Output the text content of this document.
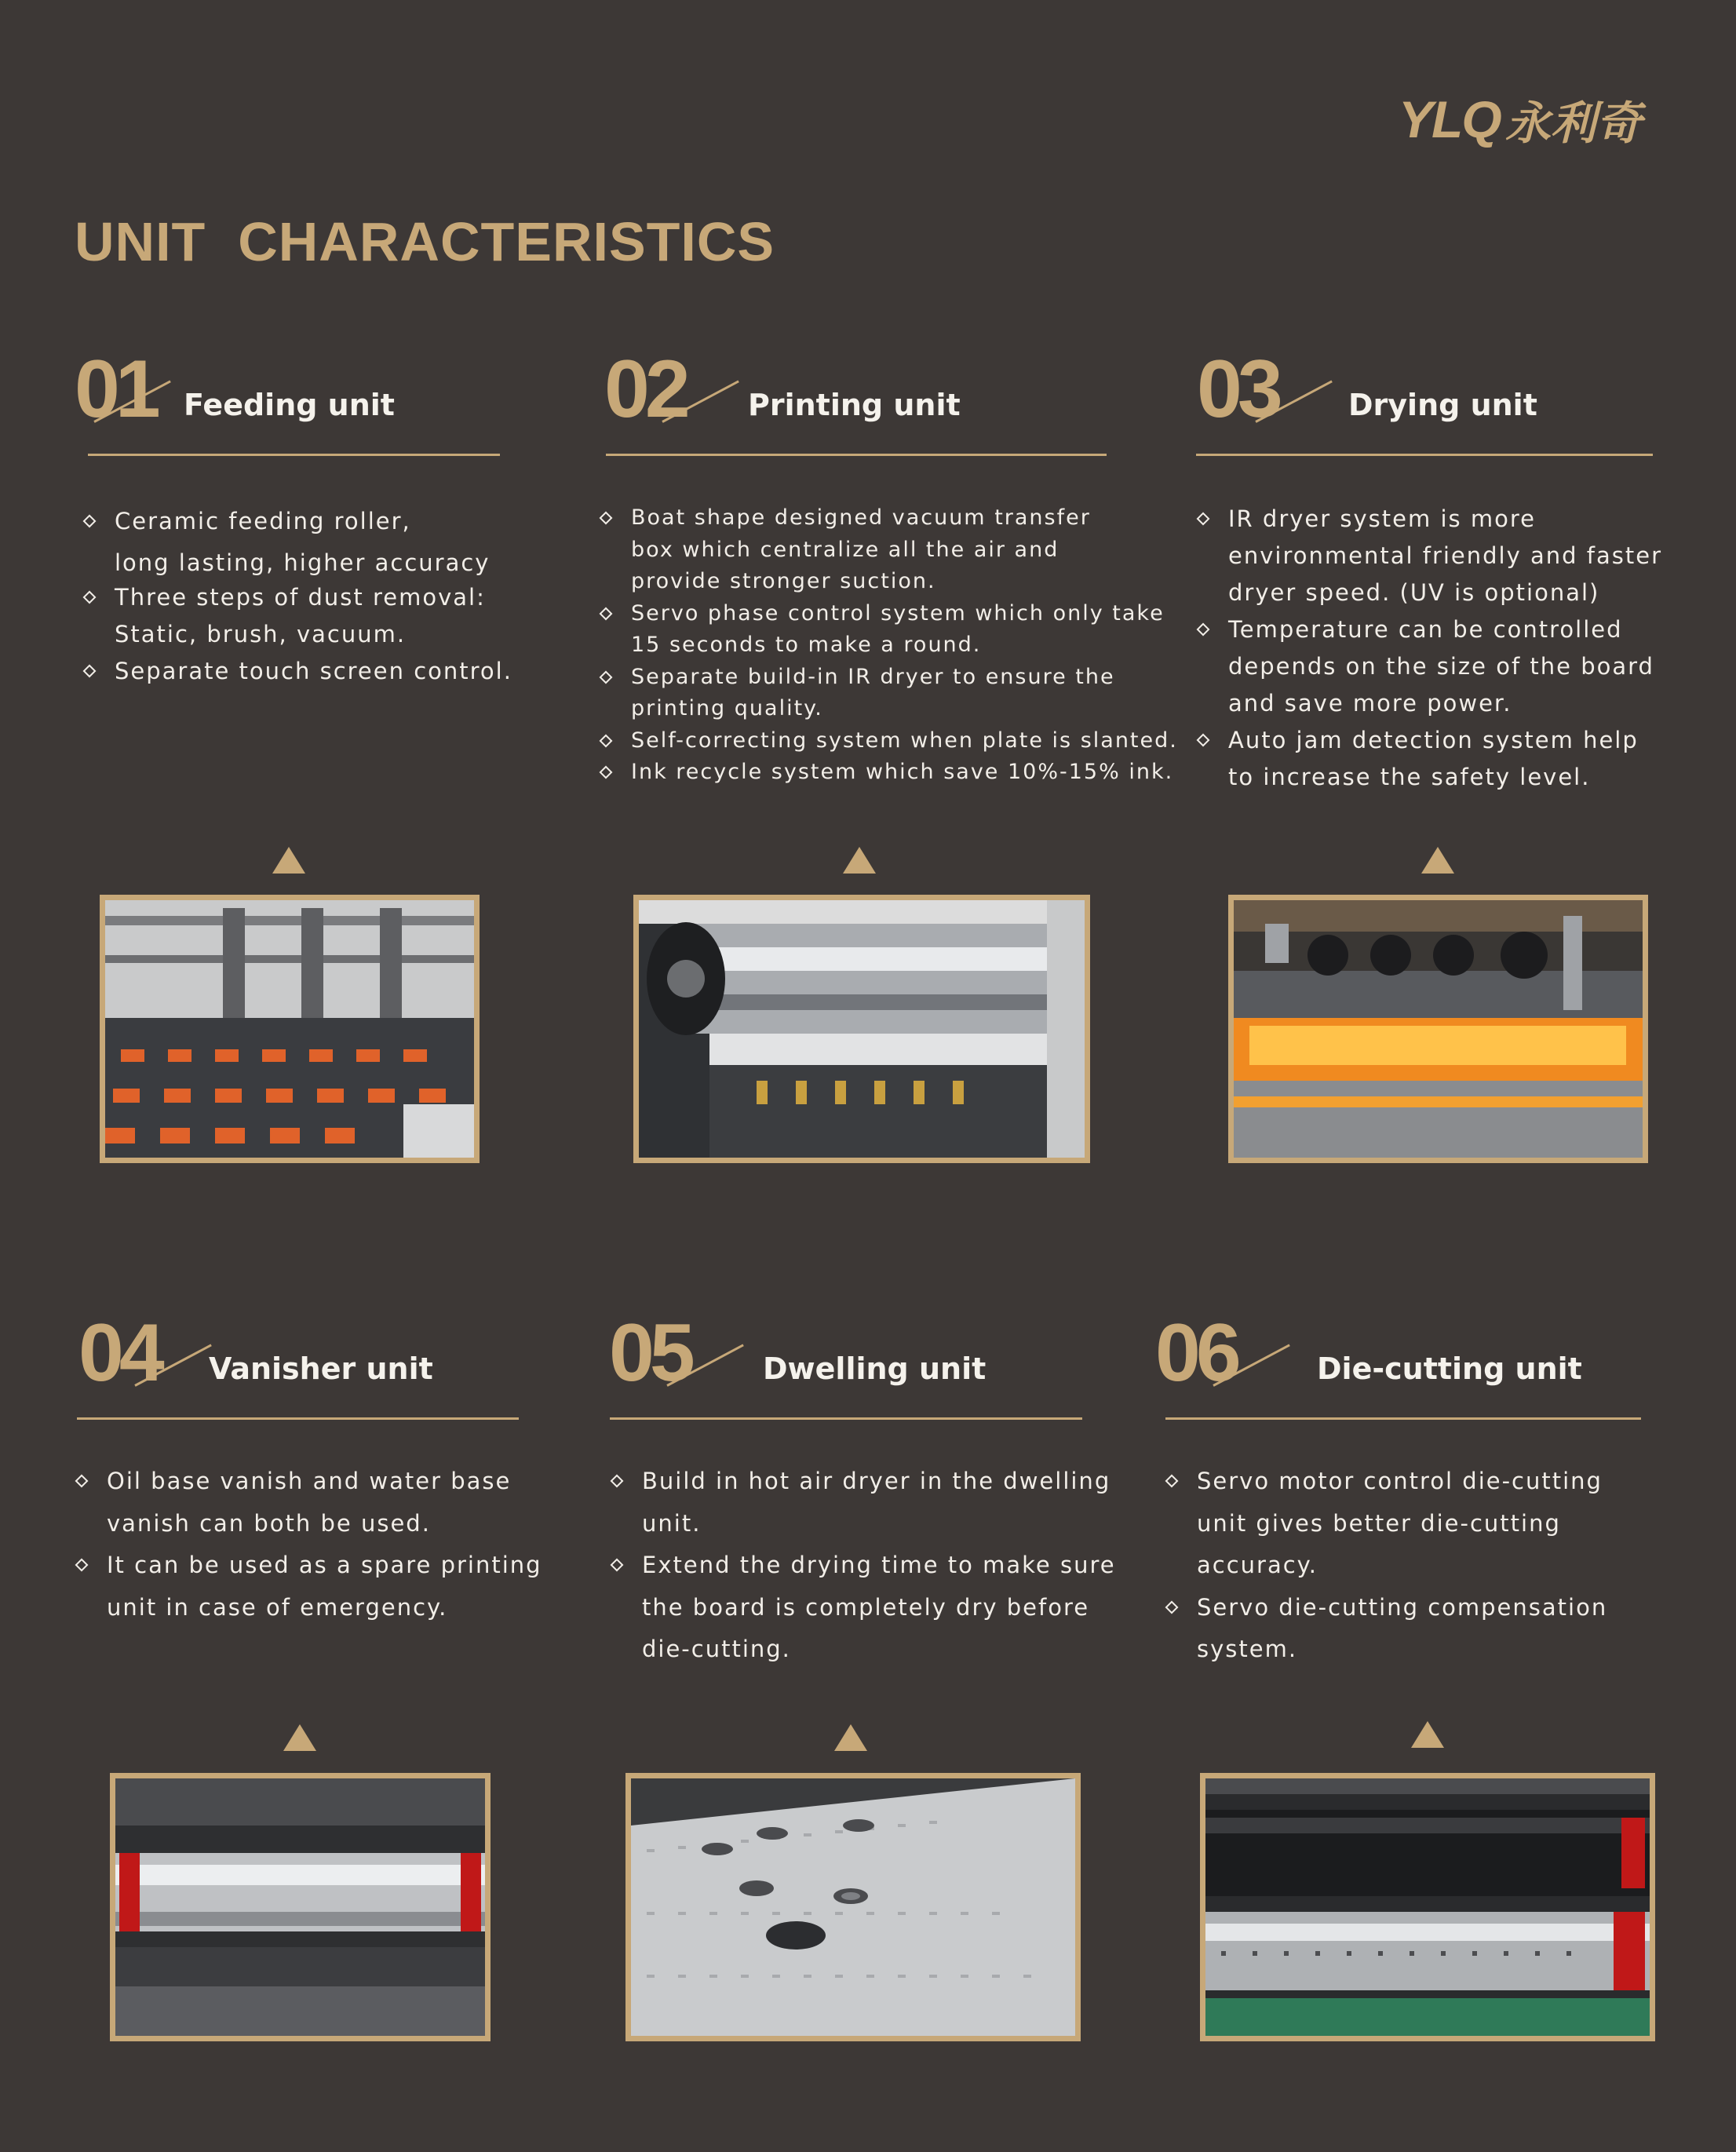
YLQ 永利奇
UNIT  CHARACTERISTICS
01 Feeding unit
Ceramic feeding roller,
long lasting, higher accuracy
Three steps of dust removal:
Static, brush, vacuum.
Separate touch screen control.
02 Printing unit
Boat shape designed vacuum transfer
box which centralize all the air and
provide stronger suction.
Servo phase control system which only take
15 seconds to make a round.
Separate build-in IR dryer to ensure the
printing quality.
Self-correcting system when plate is slanted.
Ink recycle system which save 10%-15% ink.
03 Drying unit
IR dryer system is more
environmental friendly and faster
dryer speed. (UV is optional)
Temperature can be controlled
depends on the size of the board
and save more power.
Auto jam detection system help
to increase the safety level.
04 Vanisher unit
Oil base vanish and water base
vanish can both be used.
It can be used as a spare printing
unit in case of emergency.
05 Dwelling unit
Build in hot air dryer in the dwelling
unit.
Extend the drying time to make sure
the board is completely dry before
die-cutting.
06	Die-cutting unit
Servo motor control die-cutting
unit gives better die-cutting
accuracy.
Servo die-cutting compensation
system.
